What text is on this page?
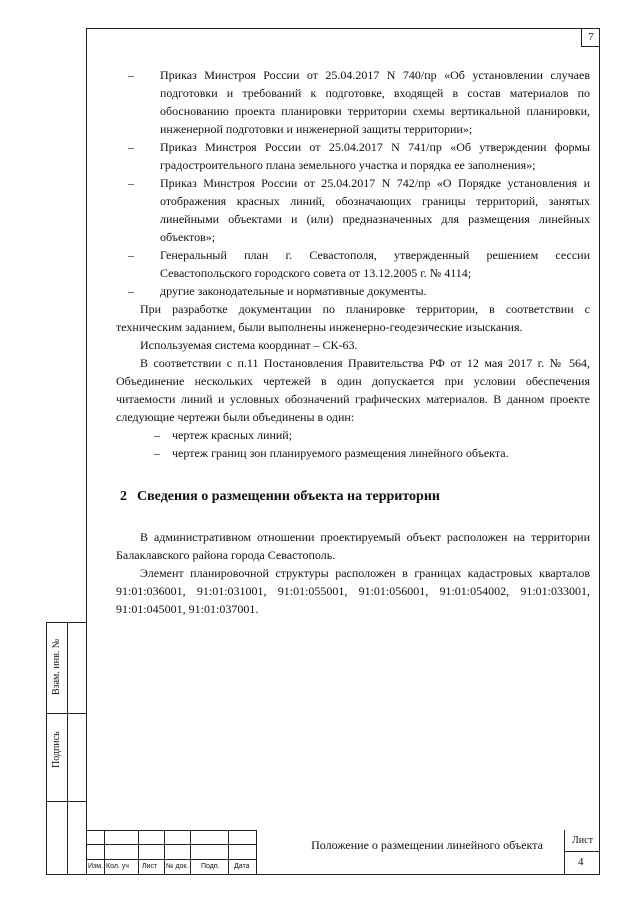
7
Взам. инв. №
Подпись

– Приказ Минстроя России от 25.04.2017 N 740/пр «Об установлении случаев подготовки и требований к подготовке, входящей в состав материалов по обоснованию проекта планировки территории схемы вертикальной планировки, инженерной подготовки и инженерной защиты территории»;

– Приказ Минстроя России от 25.04.2017 N 741/пр «Об утверждении формы градостроительного плана земельного участка и порядка ее заполнения»;

– Приказ Минстроя России от 25.04.2017 N 742/пр «О Порядке установления и отображения красных линий, обозначающих границы территорий, занятых линейными объектами и (или) предназначенных для размещения линейных объектов»;

– Генеральный план г. Севастополя, утвержденный решением сессии Севастопольского городского совета от 13.12.2005 г. № 4114;

– другие законодательные и нормативные документы.

При разработке документации по планировке территории, в соответствии с техническим заданием, были выполнены инженерно-геодезические изыскания.

Используемая система координат – СК-63.

В соответствии с п.11 Постановления Правительства РФ от 12 мая 2017 г. № 564, Объединение нескольких чертежей в один допускается при условии обеспечения читаемости линий и условных обозначений графических материалов. В данном проекте следующие чертежи были объединены в один:

– чертеж красных линий;

– чертеж границ зон планируемого размещения линейного объекта.

2 Сведения о размещении объекта на территории

В административном отношении проектируемый объект расположен на территории Балаклавского района города Севастополь.

Элемент планировочной структуры расположен в границах кадастровых кварталов 91:01:036001, 91:01:031001, 91:01:055001, 91:01:056001, 91:01:054002, 91:01:033001, 91:01:045001, 91:01:037001.

Изм. Кол. уч Лист № док. Подп. Дата
Положение о размещении линейного объекта	Лист
4
